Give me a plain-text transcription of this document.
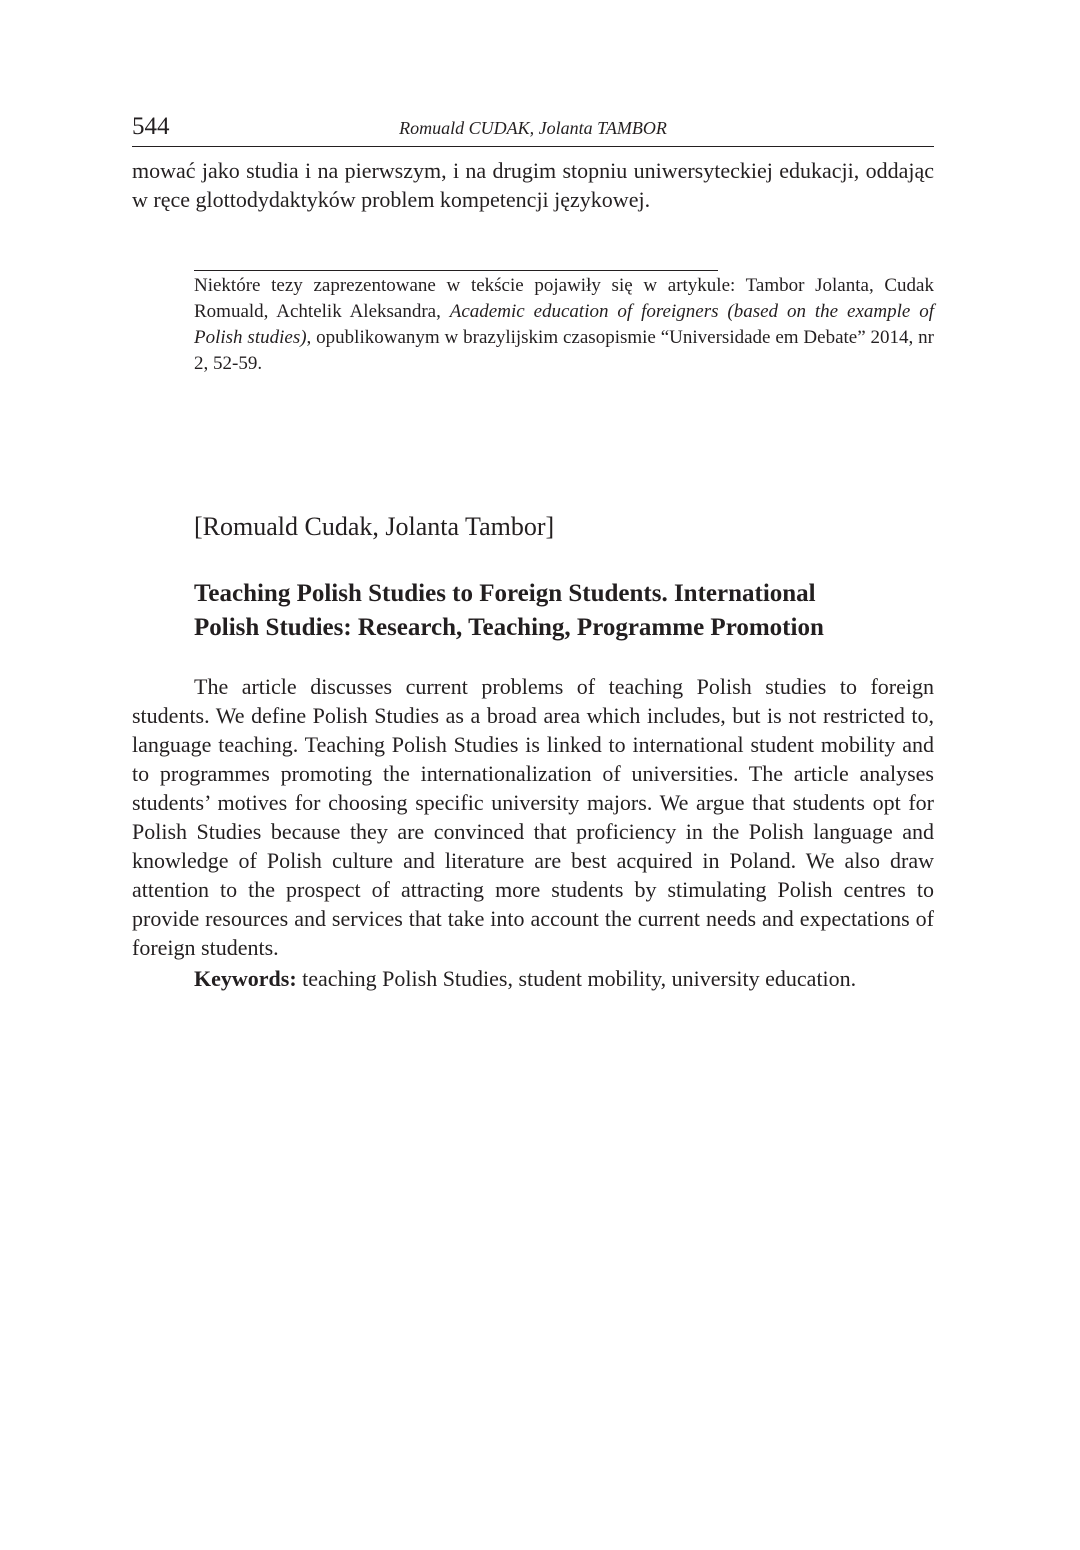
544	Romuald CUDAK, Jolanta TAMBOR

mować jako studia i na pierwszym, i na drugim stopniu uniwersyteckiej edukacji, oddając w ręce glottodydaktyków problem kompetencji językowej.

Niektóre tezy zaprezentowane w tekście pojawiły się w artykule: Tambor Jolanta, Cudak Romuald, Achtelik Aleksandra, Academic education of foreigners (based on the example of Polish studies), opublikowanym w brazylijskim czasopismie “Universidade em Debate” 2014, nr 2, 52-59.

[Romuald Cudak, Jolanta Tambor]

Teaching Polish Studies to Foreign Students. International
Polish Studies: Research, Teaching, Programme Promotion

The article discusses current problems of teaching Polish studies to foreign students. We define Polish Studies as a broad area which includes, but is not restricted to, language teaching. Teaching Polish Studies is linked to international student mobility and to programmes promoting the internationalization of universities. The article analyses students’ motives for choosing specific university majors. We argue that students opt for Polish Studies because they are convinced that proficiency in the Polish language and knowledge of Polish culture and literature are best acquired in Poland. We also draw attention to the prospect of attracting more students by stimulating Polish centres to provide resources and services that take into account the current needs and expectations of foreign students.

Keywords: teaching Polish Studies, student mobility, university education.
